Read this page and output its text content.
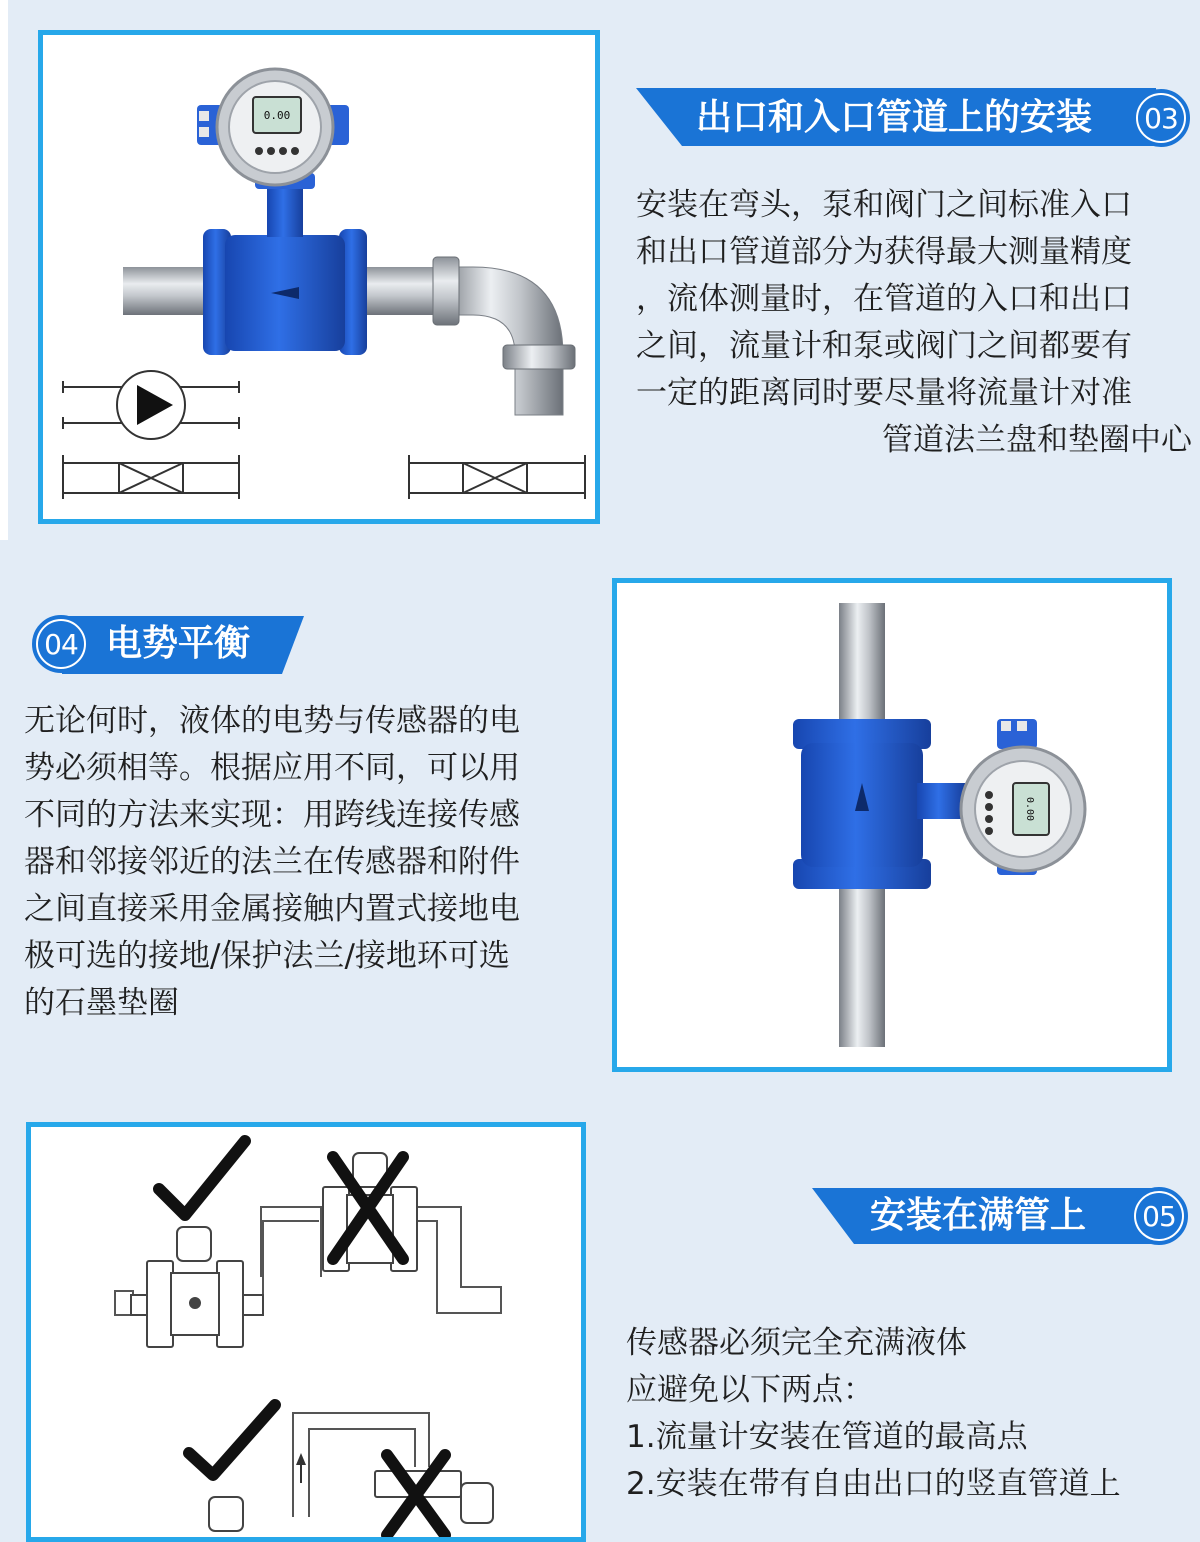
0.00	出口和入口管道上的安装 03
安装在弯头，泵和阀门之间标准入口
和出口管道部分为获得最大测量精度
，流体测量时，在管道的入口和出口
之间，流量计和泵或阀门之间都要有
一定的距离同时要尽量将流量计对准
管道法兰盘和垫圈中心
04 电势平衡
无论何时，液体的电势与传感器的电
势必须相等。根据应用不同，可以用
不同的方法来实现：用跨线连接传感
器和邻接邻近的法兰在传感器和附件
之间直接采用金属接触内置式接地电
极可选的接地/保护法兰/接地环可选
的石墨垫圈
0.00
安装在满管上 05
传感器必须完全充满液体
应避免以下两点：
1.流量计安装在管道的最高点
2.安装在带有自由出口的竖直管道上
